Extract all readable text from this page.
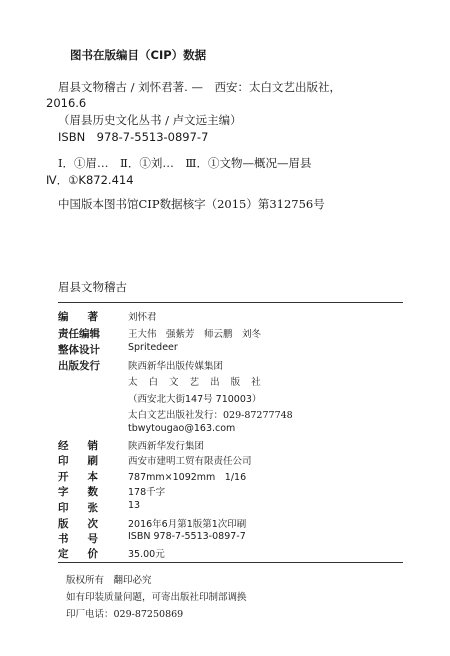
图书在版编目（CIP）数据
眉县文物稽古 / 刘怀君著. —　西安：太白文艺出版社，
2016.6
（眉县历史文化丛书 / 卢文远主编）
ISBN　978-7-5513-0897-7
Ⅰ．①眉…　Ⅱ．①刘…　Ⅲ．①文物—概况—眉县
Ⅳ．①K872.414
中国版本图书馆CIP数据核字（2015）第312756号
眉县文物稽古
编 著	刘怀君
责任编辑	王大伟　强紫芳　师云鹏　刘冬
整体设计	Spritedeer
出版发行	陕西新华出版传媒集团
太 白 文 艺 出 版 社
（西安北大街147号 710003）
太白文艺出版社发行：029-87277748
tbwytougao@163.com
经 销	陕西新华发行集团
印 刷	西安市建明工贸有限责任公司
开 本	787mm×1092mm　1/16
字 数	178千字
印 张	13
版 次	2016年6月第1版第1次印刷
书 号	ISBN 978-7-5513-0897-7
定 价	35.00元
版权所有　翻印必究
如有印装质量问题，可寄出版社印制部调换
印厂电话：029-87250869
